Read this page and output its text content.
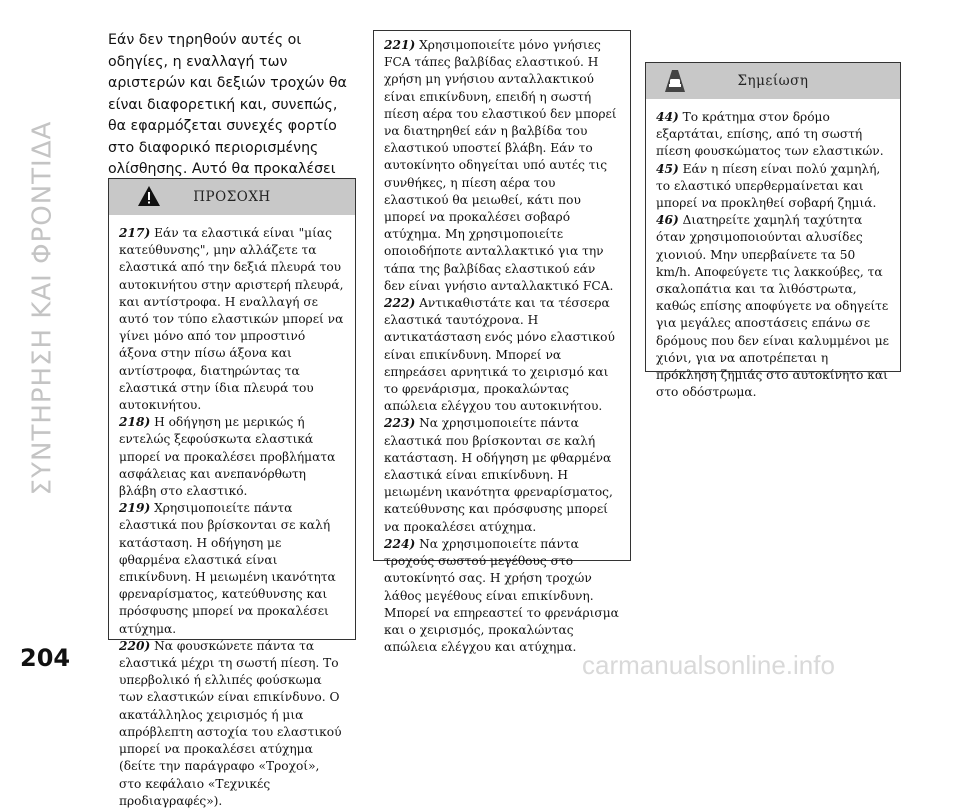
ΣΥΝΤΗΡΗΣΗ ΚΑΙ ΦΡΟΝΤΙΔΑ
Εάν δεν τηρηθούν αυτές οι οδηγίες, η εναλλαγή των αριστερών και δεξιών τροχών θα είναι διαφορετική και, συνεπώς, θα εφαρμόζεται συνεχές φορτίο στο διαφορικό περιορισμένης ολίσθησης. Αυτό θα προκαλέσει
ΠΡΟΣΟΧΗ

217) Εάν τα ελαστικά είναι "μίας κατεύθυνσης", μην αλλάζετε τα ελαστικά από την δεξιά πλευρά του αυτοκινήτου στην αριστερή πλευρά, και αντίστροφα. Η εναλλαγή σε αυτό τον τύπο ελαστικών μπορεί να γίνει μόνο από τον μπροστινό άξονα στην πίσω άξονα και αντίστροφα, διατηρώντας τα ελαστικά στην ίδια πλευρά του αυτοκινήτου.

218) Η οδήγηση με μερικώς ή εντελώς ξεφούσκωτα ελαστικά μπορεί να προκαλέσει προβλήματα ασφάλειας και ανεπανόρθωτη βλάβη στο ελαστικό.

219) Χρησιμοποιείτε πάντα ελαστικά που βρίσκονται σε καλή κατάσταση. Η οδήγηση με φθαρμένα ελαστικά είναι επικίνδυνη. Η μειωμένη ικανότητα φρεναρίσματος, κατεύθυνσης και πρόσφυσης μπορεί να προκαλέσει ατύχημα.

220) Να φουσκώνετε πάντα τα ελαστικά μέχρι τη σωστή πίεση. Το υπερβολικό ή ελλιπές φούσκωμα των ελαστικών είναι επικίνδυνο. Ο ακατάλληλος χειρισμός ή μια απρόβλεπτη αστοχία του ελαστικού μπορεί να προκαλέσει ατύχημα (δείτε την παράγραφο «Τροχοί», στο κεφάλαιο «Τεχνικές προδιαγραφές»).

221) Χρησιμοποιείτε μόνο γνήσιες FCA τάπες βαλβίδας ελαστικού. Η χρήση μη γνήσιου ανταλλακτικού είναι επικίνδυνη, επειδή η σωστή πίεση αέρα του ελαστικού δεν μπορεί να διατηρηθεί εάν η βαλβίδα του ελαστικού υποστεί βλάβη. Εάν το αυτοκίνητο οδηγείται υπό αυτές τις συνθήκες, η πίεση αέρα του ελαστικού θα μειωθεί, κάτι που μπορεί να προκαλέσει σοβαρό ατύχημα. Μη χρησιμοποιείτε οποιοδήποτε ανταλλακτικό για την τάπα της βαλβίδας ελαστικού εάν δεν είναι γνήσιο ανταλλακτικό FCA.

222) Αντικαθιστάτε και τα τέσσερα ελαστικά ταυτόχρονα. Η αντικατάσταση ενός μόνο ελαστικού είναι επικίνδυνη. Μπορεί να επηρεάσει αρνητικά το χειρισμό και το φρενάρισμα, προκαλώντας απώλεια ελέγχου του αυτοκινήτου.

223) Να χρησιμοποιείτε πάντα ελαστικά που βρίσκονται σε καλή κατάσταση. Η οδήγηση με φθαρμένα ελαστικά είναι επικίνδυνη. Η μειωμένη ικανότητα φρεναρίσματος, κατεύθυνσης και πρόσφυσης μπορεί να προκαλέσει ατύχημα.

224) Να χρησιμοποιείτε πάντα τροχούς σωστού μεγέθους στο αυτοκίνητό σας. Η χρήση τροχών λάθος μεγέθους είναι επικίνδυνη. Μπορεί να επηρεαστεί το φρενάρισμα και ο χειρισμός, προκαλώντας απώλεια ελέγχου και ατύχημα.

Σημείωση

44) Το κράτημα στον δρόμο εξαρτάται, επίσης, από τη σωστή πίεση φουσκώματος των ελαστικών.

45) Εάν η πίεση είναι πολύ χαμηλή, το ελαστικό υπερθερμαίνεται και μπορεί να προκληθεί σοβαρή ζημιά.

46) Διατηρείτε χαμηλή ταχύτητα όταν χρησιμοποιούνται αλυσίδες χιονιού. Μην υπερβαίνετε τα 50 km/h. Αποφεύγετε τις λακκούβες, τα σκαλοπάτια και τα λιθόστρωτα, καθώς επίσης αποφύγετε να οδηγείτε για μεγάλες αποστάσεις επάνω σε δρόμους που δεν είναι καλυμμένοι με χιόνι, για να αποτρέπεται η πρόκληση ζημιάς στο αυτοκίνητο και στο οδόστρωμα.

204	carmanualsonline.info
